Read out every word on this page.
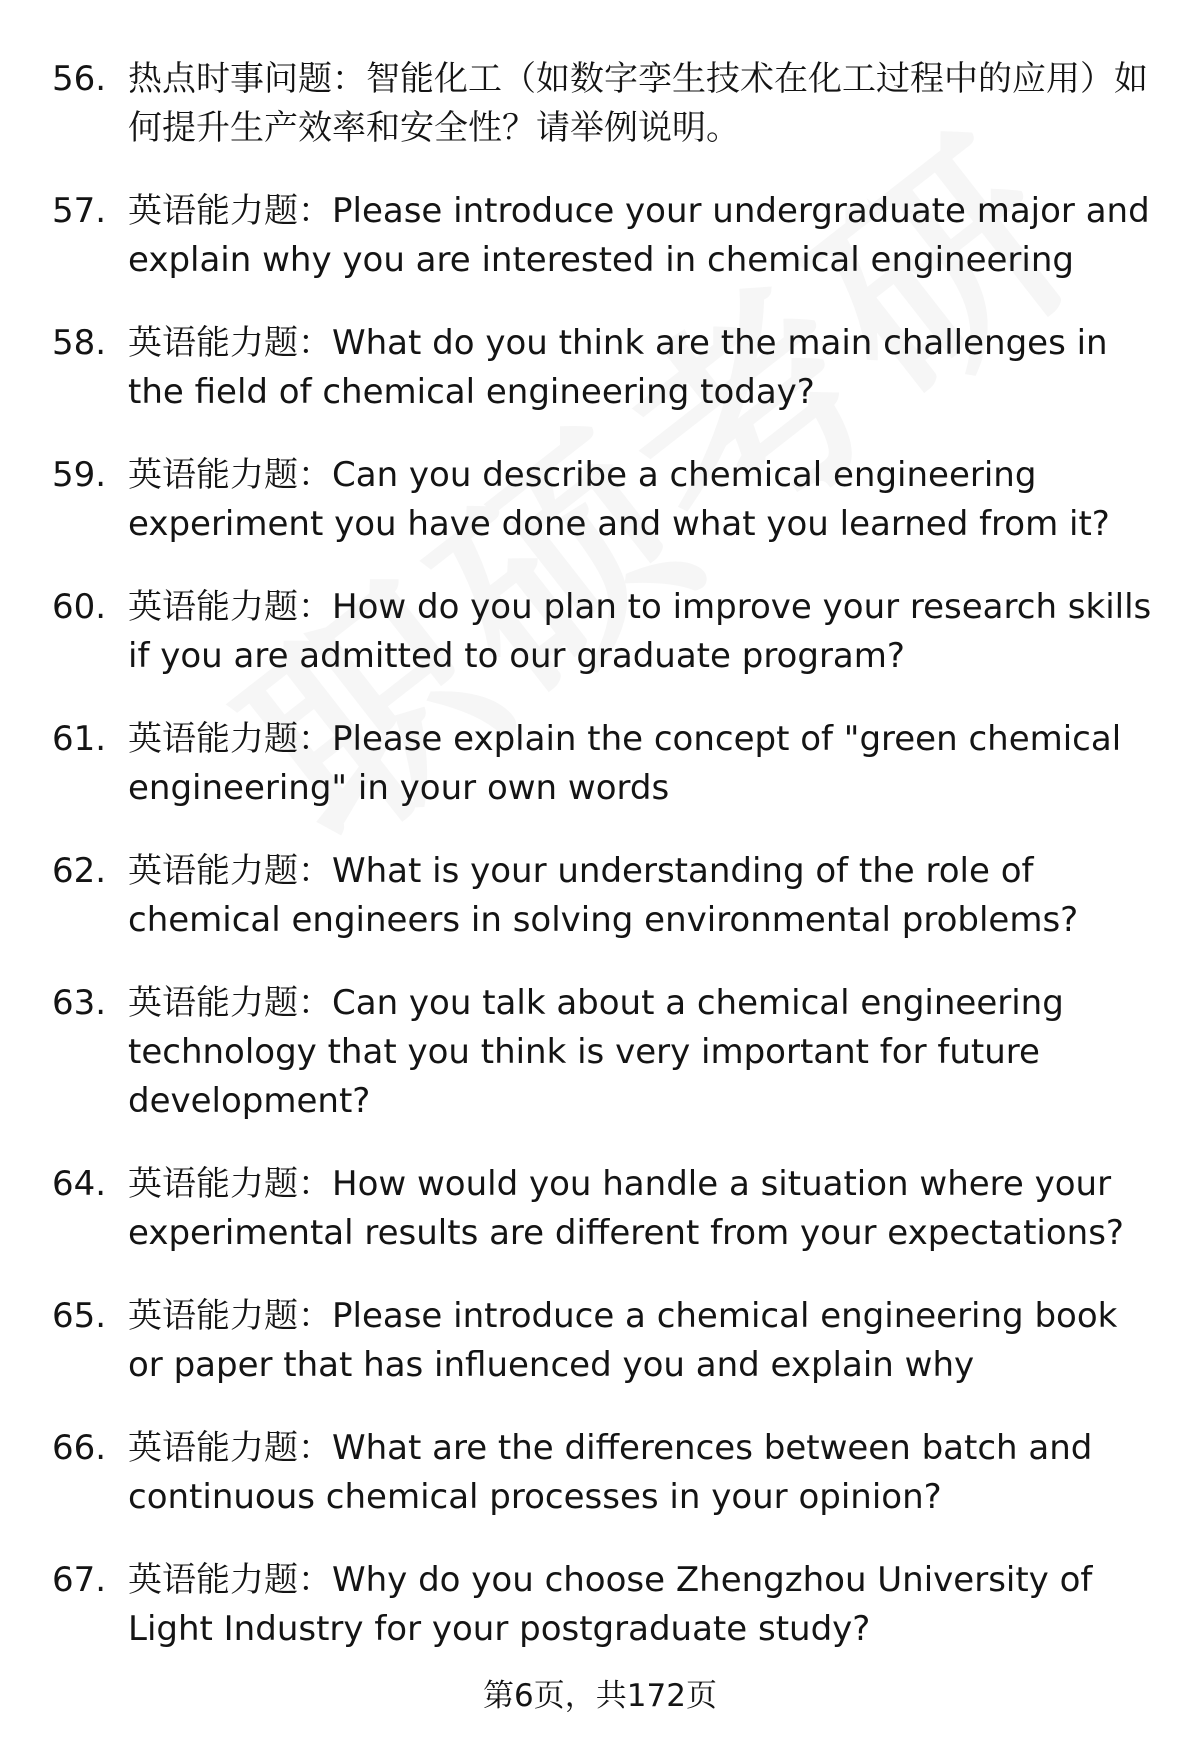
56. 热点时事问题：智能化工（如数字孪生技术在化工过程中的应用）如何提升生产效率和安全性？请举例说明。
57. 英语能力题：Please introduce your undergraduate major and explain why you are interested in chemical engineering
58. 英语能力题：What do you think are the main challenges in the field of chemical engineering today?
59. 英语能力题：Can you describe a chemical engineering experiment you have done and what you learned from it?
60. 英语能力题：How do you plan to improve your research skills if you are admitted to our graduate program?
61. 英语能力题：Please explain the concept of "green chemical engineering" in your own words
62. 英语能力题：What is your understanding of the role of chemical engineers in solving environmental problems?
63. 英语能力题：Can you talk about a chemical engineering technology that you think is very important for future development?
64. 英语能力题：How would you handle a situation where your experimental results are different from your expectations?
65. 英语能力题：Please introduce a chemical engineering book or paper that has influenced you and explain why
66. 英语能力题：What are the differences between batch and continuous chemical processes in your opinion?
67. 英语能力题：Why do you choose Zhengzhou University of Light Industry for your postgraduate study?
第6页，共172页
